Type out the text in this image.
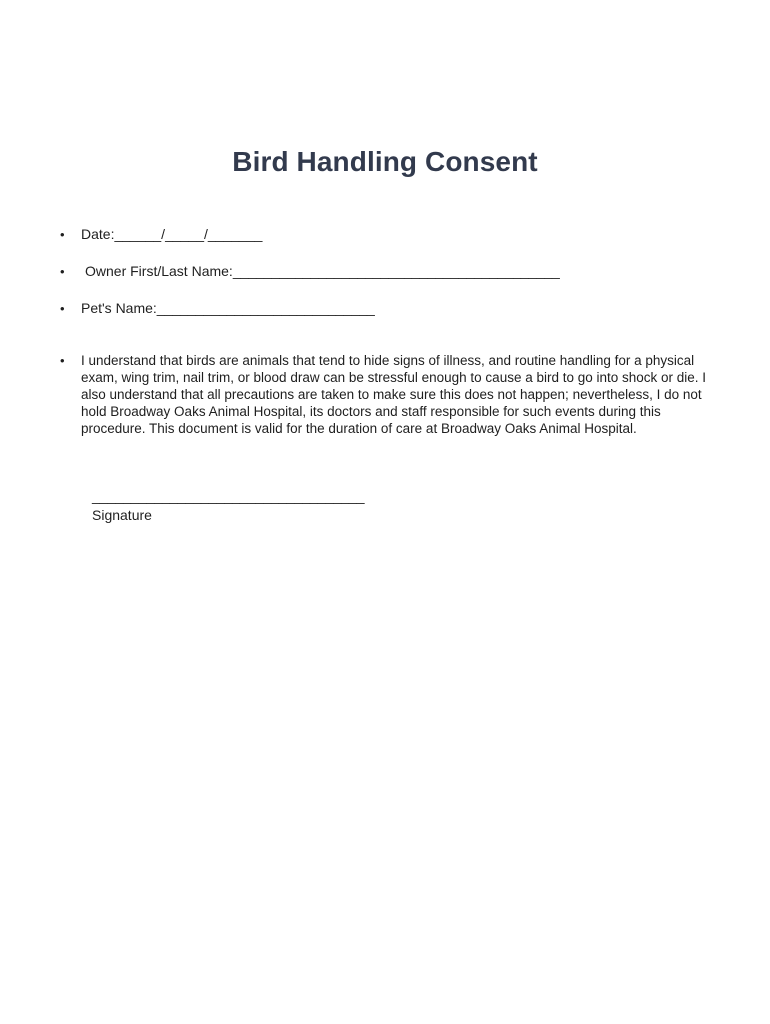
Bird Handling Consent
• Date:______/_____/_______
• Owner First/Last Name:__________________________________________
• Pet's Name:____________________________
• I understand that birds are animals that tend to hide signs of illness, and routine handling for a physical exam, wing trim, nail trim, or blood draw can be stressful enough to cause a bird to go into shock or die. I also understand that all precautions are taken to make sure this does not happen; nevertheless, I do not hold Broadway Oaks Animal Hospital, its doctors and staff responsible for such events during this procedure. This document is valid for the duration of care at Broadway Oaks Animal Hospital.
___________________________________
Signature
